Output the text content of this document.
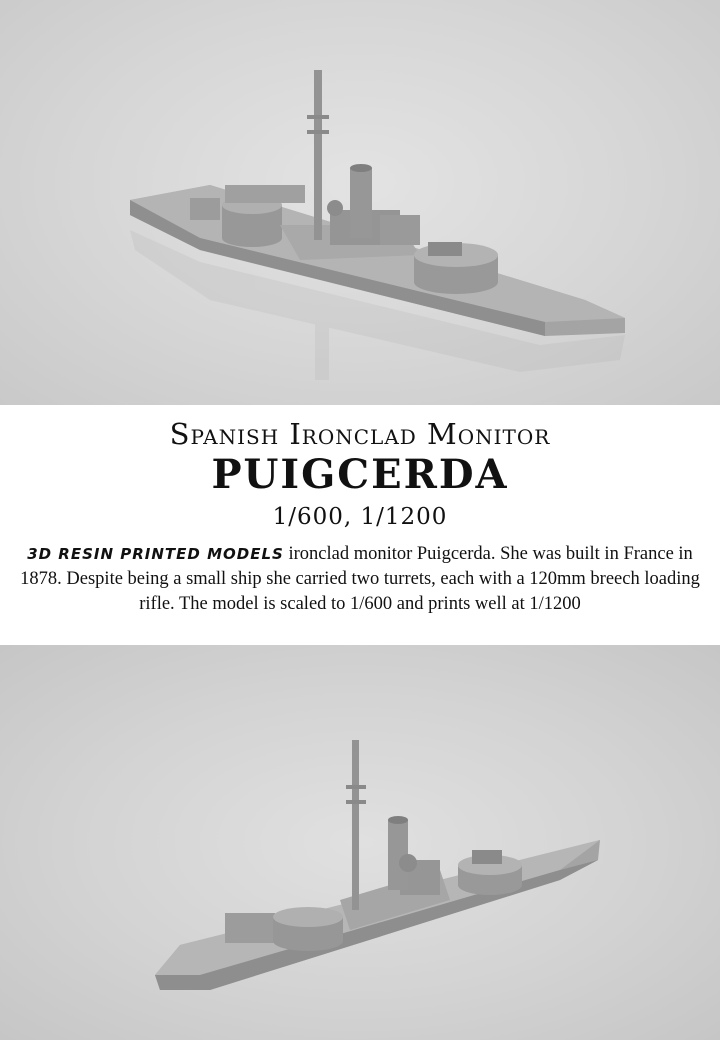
Spanish Ironclad Monitor
PUIGCERDA
1/600, 1/1200
3D RESIN PRINTED MODELS ironclad monitor Puigcerda. She was built in France in 1878. Despite being a small ship she carried two turrets, each with a 120mm breech loading rifle. The model is scaled to 1/600 and prints well at 1/1200
